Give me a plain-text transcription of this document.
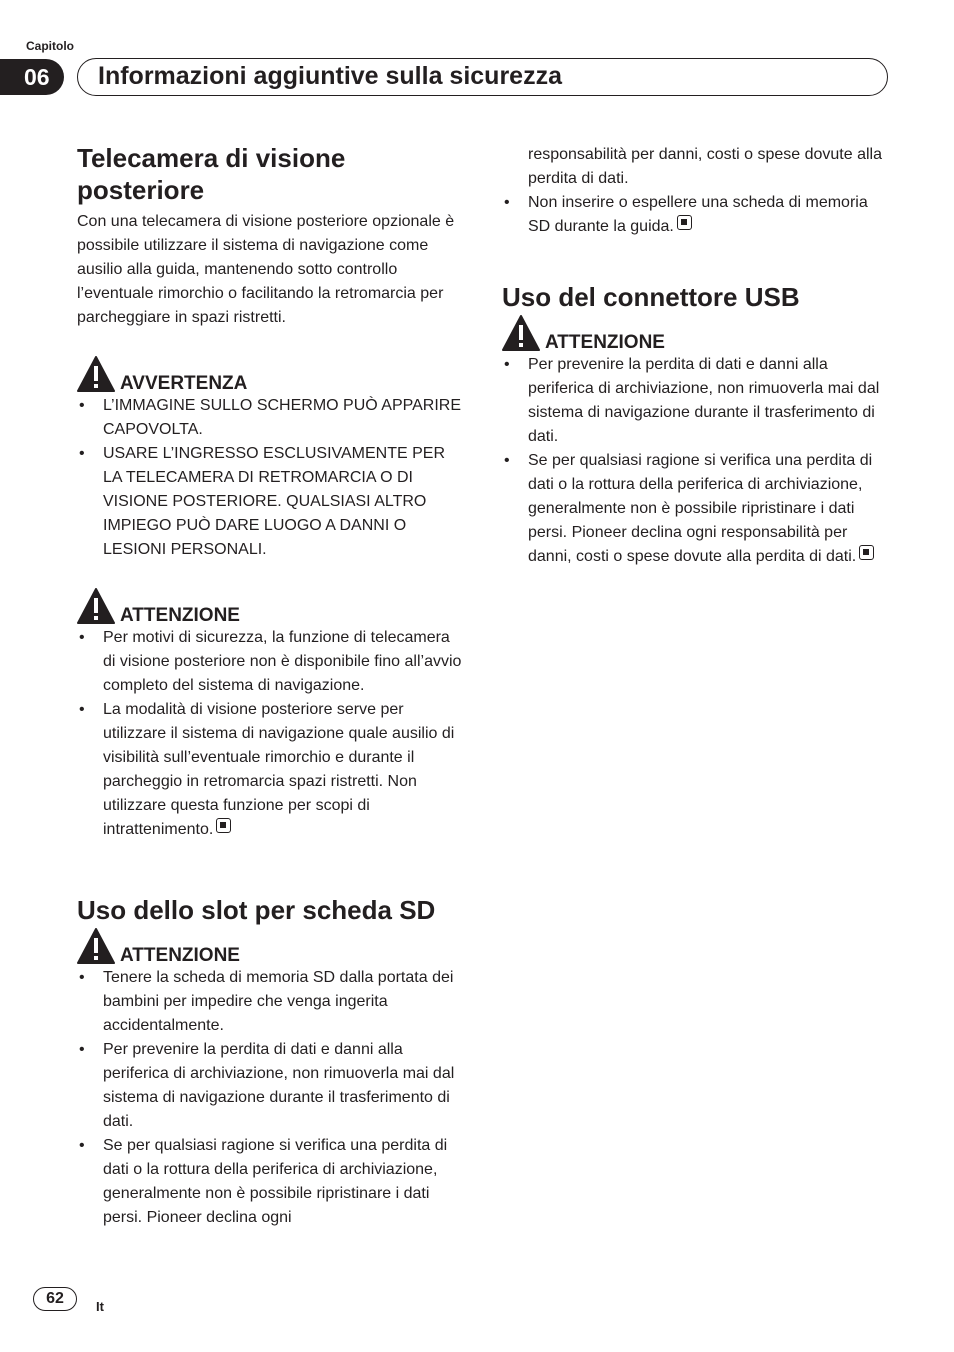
Capitolo
06	Informazioni aggiuntive sulla sicurezza
Telecamera di visione posteriore

Con una telecamera di visione posteriore opzionale è possibile utilizzare il sistema di navigazione come ausilio alla guida, mantenendo sotto controllo l’eventuale rimorchio o facilitando la retromarcia per parcheggiare in spazi ristretti.

AVVERTENZA
• L’IMMAGINE SULLO SCHERMO PUÒ APPARIRE CAPOVOLTA.
• USARE L’INGRESSO ESCLUSIVAMENTE PER LA TELECAMERA DI RETROMARCIA O DI VISIONE POSTERIORE. QUALSIASI ALTRO IMPIEGO PUÒ DARE LUOGO A DANNI O LESIONI PERSONALI.
ATTENZIONE
• Per motivi di sicurezza, la funzione di telecamera di visione posteriore non è disponibile fino all’avvio completo del sistema di navigazione.
• La modalità di visione posteriore serve per utilizzare il sistema di navigazione quale ausilio di visibilità sull’eventuale rimorchio e durante il parcheggio in retromarcia spazi ristretti. Non utilizzare questa funzione per scopi di intrattenimento.
Uso dello slot per scheda SD
ATTENZIONE
• Tenere la scheda di memoria SD dalla portata dei bambini per impedire che venga ingerita accidentalmente.
• Per prevenire la perdita di dati e danni alla periferica di archiviazione, non rimuoverla mai dal sistema di navigazione durante il trasferimento di dati.
• Se per qualsiasi ragione si verifica una perdita di dati o la rottura della periferica di archiviazione, generalmente non è possibile ripristinare i dati persi. Pioneer declina ogni
responsabilità per danni, costi o spese dovute alla perdita di dati.
• Non inserire o espellere una scheda di memoria SD durante la guida.
Uso del connettore USB
ATTENZIONE
• Per prevenire la perdita di dati e danni alla periferica di archiviazione, non rimuoverla mai dal sistema di navigazione durante il trasferimento di dati.
• Se per qualsiasi ragione si verifica una perdita di dati o la rottura della periferica di archiviazione, generalmente non è possibile ripristinare i dati persi. Pioneer declina ogni responsabilità per danni, costi o spese dovute alla perdita di dati.
62	It
